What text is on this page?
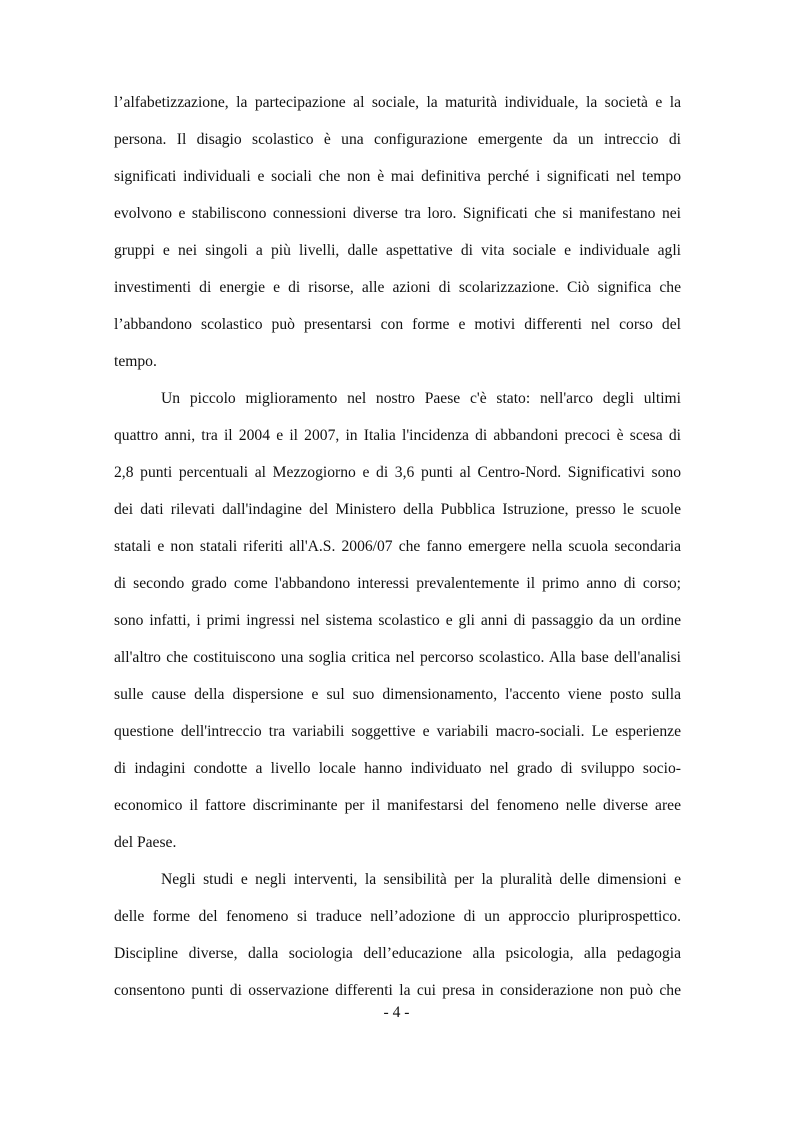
l’alfabetizzazione, la partecipazione al sociale, la maturità individuale, la società e la
persona. Il disagio scolastico è una configurazione emergente da un intreccio di
significati individuali e sociali che non è mai definitiva perché i significati nel tempo
evolvono e stabiliscono connessioni diverse tra loro. Significati che si manifestano nei
gruppi e nei singoli a più livelli, dalle aspettative di vita sociale e individuale agli
investimenti di energie e di risorse, alle azioni di scolarizzazione. Ciò significa che
l’abbandono scolastico può presentarsi con forme e motivi differenti nel corso del
tempo.
Un piccolo miglioramento nel nostro Paese c'è stato: nell'arco degli ultimi
quattro anni, tra il 2004 e il 2007, in Italia l'incidenza di abbandoni precoci è scesa di
2,8 punti percentuali al Mezzogiorno e di 3,6 punti al Centro-Nord. Significativi sono
dei dati rilevati dall'indagine del Ministero della Pubblica Istruzione, presso le scuole
statali e non statali riferiti all'A.S. 2006/07 che fanno emergere nella scuola secondaria
di secondo grado come l'abbandono interessi prevalentemente il primo anno di corso;
sono infatti, i primi ingressi nel sistema scolastico e gli anni di passaggio da un ordine
all'altro che costituiscono una soglia critica nel percorso scolastico. Alla base dell'analisi
sulle cause della dispersione e sul suo dimensionamento, l'accento viene posto sulla
questione dell'intreccio tra variabili soggettive e variabili macro-sociali. Le esperienze
di indagini condotte a livello locale hanno individuato nel grado di sviluppo socio-
economico il fattore discriminante per il manifestarsi del fenomeno nelle diverse aree
del Paese.
Negli studi e negli interventi, la sensibilità per la pluralità delle dimensioni e
delle forme del fenomeno si traduce nell’adozione di un approccio pluriprospettico.
Discipline diverse, dalla sociologia dell’educazione alla psicologia, alla pedagogia
consentono punti di osservazione differenti la cui presa in considerazione non può che
- 4 -
